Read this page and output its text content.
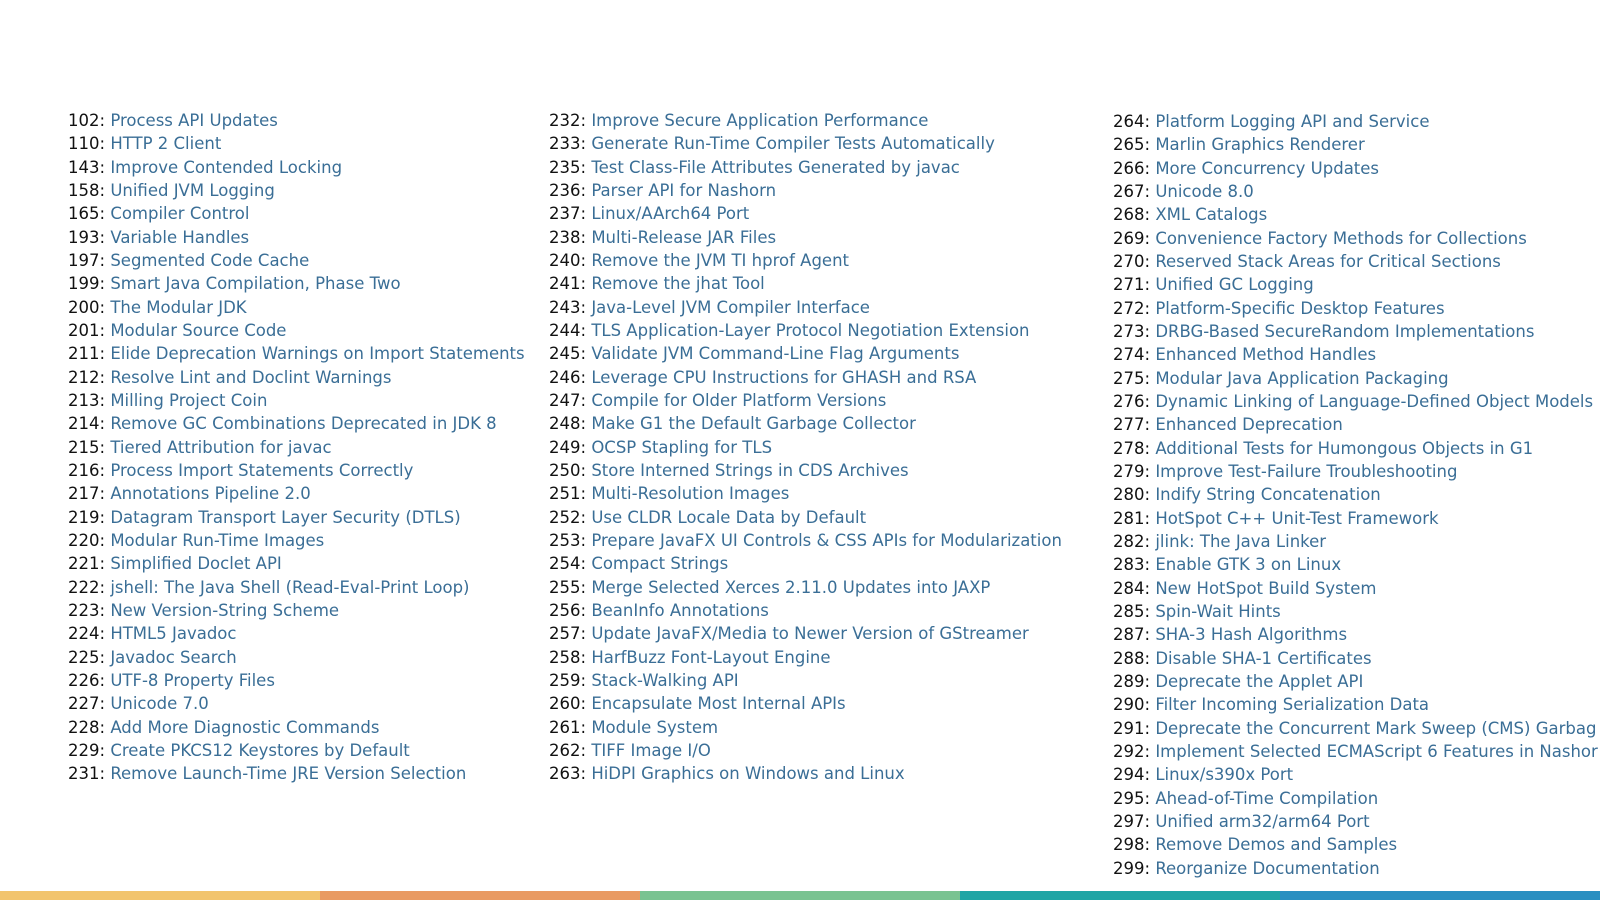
102: Process API Updates
110: HTTP 2 Client
143: Improve Contended Locking
158: Unified JVM Logging
165: Compiler Control
193: Variable Handles
197: Segmented Code Cache
199: Smart Java Compilation, Phase Two
200: The Modular JDK
201: Modular Source Code
211: Elide Deprecation Warnings on Import Statements
212: Resolve Lint and Doclint Warnings
213: Milling Project Coin
214: Remove GC Combinations Deprecated in JDK 8
215: Tiered Attribution for javac
216: Process Import Statements Correctly
217: Annotations Pipeline 2.0
219: Datagram Transport Layer Security (DTLS)
220: Modular Run-Time Images
221: Simplified Doclet API
222: jshell: The Java Shell (Read-Eval-Print Loop)
223: New Version-String Scheme
224: HTML5 Javadoc
225: Javadoc Search
226: UTF-8 Property Files
227: Unicode 7.0
228: Add More Diagnostic Commands
229: Create PKCS12 Keystores by Default
231: Remove Launch-Time JRE Version Selection
232: Improve Secure Application Performance
233: Generate Run-Time Compiler Tests Automatically
235: Test Class-File Attributes Generated by javac
236: Parser API for Nashorn
237: Linux/AArch64 Port
238: Multi-Release JAR Files
240: Remove the JVM TI hprof Agent
241: Remove the jhat Tool
243: Java-Level JVM Compiler Interface
244: TLS Application-Layer Protocol Negotiation Extension
245: Validate JVM Command-Line Flag Arguments
246: Leverage CPU Instructions for GHASH and RSA
247: Compile for Older Platform Versions
248: Make G1 the Default Garbage Collector
249: OCSP Stapling for TLS
250: Store Interned Strings in CDS Archives
251: Multi-Resolution Images
252: Use CLDR Locale Data by Default
253: Prepare JavaFX UI Controls & CSS APIs for Modularization
254: Compact Strings
255: Merge Selected Xerces 2.11.0 Updates into JAXP
256: BeanInfo Annotations
257: Update JavaFX/Media to Newer Version of GStreamer
258: HarfBuzz Font-Layout Engine
259: Stack-Walking API
260: Encapsulate Most Internal APIs
261: Module System
262: TIFF Image I/O
263: HiDPI Graphics on Windows and Linux
264: Platform Logging API and Service
265: Marlin Graphics Renderer
266: More Concurrency Updates
267: Unicode 8.0
268: XML Catalogs
269: Convenience Factory Methods for Collections
270: Reserved Stack Areas for Critical Sections
271: Unified GC Logging
272: Platform-Specific Desktop Features
273: DRBG-Based SecureRandom Implementations
274: Enhanced Method Handles
275: Modular Java Application Packaging
276: Dynamic Linking of Language-Defined Object Models
277: Enhanced Deprecation
278: Additional Tests for Humongous Objects in G1
279: Improve Test-Failure Troubleshooting
280: Indify String Concatenation
281: HotSpot C++ Unit-Test Framework
282: jlink: The Java Linker
283: Enable GTK 3 on Linux
284: New HotSpot Build System
285: Spin-Wait Hints
287: SHA-3 Hash Algorithms
288: Disable SHA-1 Certificates
289: Deprecate the Applet API
290: Filter Incoming Serialization Data
291: Deprecate the Concurrent Mark Sweep (CMS) Garbag
292: Implement Selected ECMAScript 6 Features in Nashor
294: Linux/s390x Port
295: Ahead-of-Time Compilation
297: Unified arm32/arm64 Port
298: Remove Demos and Samples
299: Reorganize Documentation
